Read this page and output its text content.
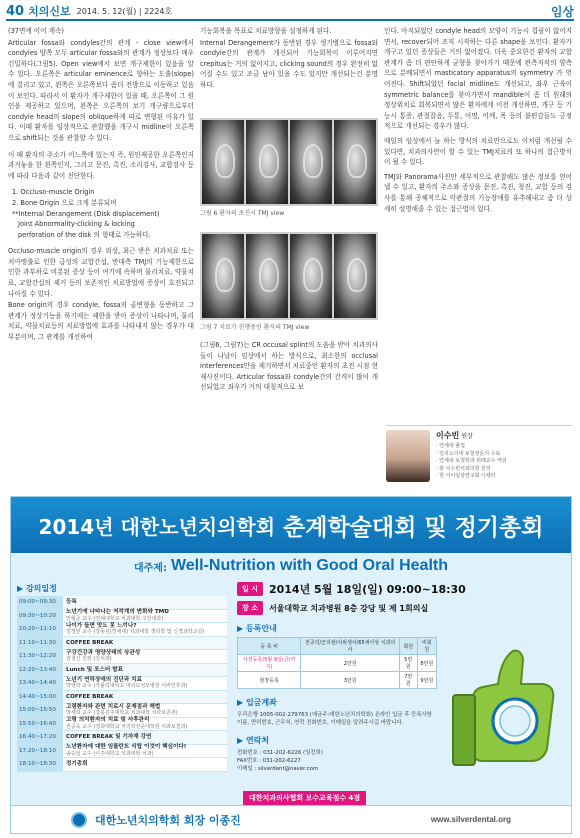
40 치의신보 2014. 5. 12(월) | 2224호	임상

(37면에 이어 계속)

Articular fossa와 condyles간의 관계 - close view에서 condyles 양쪽 모두 articular fossa와의 관계가 정상보다 매우 긴밀하다(그림5). Open view에서 보면 개구제한이 있음을 알 수 있다. 오른쪽은 articular eminence로 향하는 도출(slope)에 걸리고 있고, 왼쪽은 오른쪽보다 좀더 전방으로 이동하고 있음이 보인다. 따라서 이 환자가 개구제한이 있을 때, 오른쪽이 그 원인을 제공하고 있으며, 왼쪽은 오른쪽의 보기 개구량으로부터 condyle head의 slope의 oblique하게 따로 변형된 이유가 있다. 이때 환자를 임상적으로 관찰했을 개구시 midline이 오른쪽으로 shift되는 것을 관찰할 수 있다.

이 때 환자의 주소가 어느쪽에 있는지 즉, 원인제공한 오른쪽인지 과거놓을 한 왼쪽인지, 그리고 문진, 촉진, 소리검사, 교합검사 등에 따라 다음과 같이 진단한다.

1. Occluso-muscle Origin
2. Bone Origin 으로 크게 분류되며
**Internal Derangement (Disk displacement)
Joint Abnormality-clicking & locking
perforation of the disk 의 형태로 가능하다.

Occluso-muscle origin의 경우 외상, 최근 받은 치과치료 또는 치아맹출로 인한 급성의 교합간섭, 반대측 TMJ의 기능제한으로 인한 과부하로 비롯된 증상 등이 여기에 속하며 물리치료, 약물치료, 교합간섭의 제거 등의 보존적인 치료방법에 증상이 호전되고 나아질 수 있다.

Bone origin의 경우 condyle, fossa의 골변형을 동반하고 그 관계가 정상기능을 하기에는 제한을 받아 증상이 나타나며, 물리치료, 약물치료등의 치료방법에 효과를 나타내지 않는 경우가 대부분이며, 그 관계를 개선하여

기능회복을 목표로 치료방향을 설정하게 된다.

Internal Derangement가 동반된 경우 생기병으로 fossa와 condyle간의 관계가 개선되어 기능회복이 이루어지면 crepitus는 거의 없어지고, clicking sound의 경우 완전히 없어질 수도 있고 조금 남아 있을 수도 있지만 개선되는건 분명하다.

그림 6 환자의 초진시 TMJ view
그림 7 치료가 진행중인 환자의 TMJ view

(그림6, 그림7)는 CR occusal splint의 도움을 받아 치과의사들이 나날이 임상에서 하는 방식으로, 최소한의 occlusal interferences만을 제거하면서 치료중인 환자의 초진 시점 현재사진이다. Articular fossa와 condyle간의 간격이 많이 개선되었고 좌우가 거의 대칭적으로 보

인다. 아직되었던 condyle head의 모양이 기능시 겹림이 없어지면서, recover되어 조직 시작하는 다른 shape을 보인다. 환자가 개구고 있던 증상들은 거의 없어졌다. 더욱 중요한건 환자의 교합관계가 좀 더 편안하게 균형을 찾아가기 때문에 편측저작의 양측으로 분배되면서 masticatory apparatus의 symmetry 가 얻어진다. Shift되었던 facial midline도 개선되고, 좌우 근육이 symmetric balance를 찾아가면서 mandible이 좀 더 원래의 정상위치로 회복되면서 많은 환자에게 이전 개선하면, 개구 등 기능시 통증, 관절잡음, 두통, 이명, 어깨, 목 등의 불편감들도 긍정적으로 개선되는 경우가 많다.

매일의 임상에서 늘 하는 방식의 치료만으로도 이처럼 개선될 수 있다면, 치과의사만이 할 수 있는 TMJ치료의 또 하나의 접근방식이 될 수 있다.

TMJ와 Panorama사진만 세부적으로 관찰해도 많은 정보를 얻어낼 수 있고, 환자의 주소와 증상을 문진, 촉진, 청진, 교합 등의 검사를 통해 종체적으로 악관절의 기능장애를 유추해내고 좀 더 상세히 설명해줄 수 있는 접근법이 있다.

이수빈 원장
· 연세대 졸업
· 일리노이대 보철전문의 수료
· 연세대 보철학과 외래교수 역임
· 현 이수빈치과의원 원장
· 현 이이임상연구회 디렉터
2014년 대한노년치의학회 춘계학술대회 및 정기총회
대주제: Well-Nutrition with Good Oral Health
▶ 강의일정
09:00~09:30	등록
09:30~10:20
노년기에 나타나는 저작계의 변화와 TMD
안형준 교수 (연세대학교 치과대학 구강내과)
10:20~11:10
나이가 들면 맛도 못 느끼나?
김정민 교수 (강동원(연세대) 치과대학 생리학 및 신경과학교실)
11:10~11:30	COFFEE BREAK
11:30~12:20
구강건강과 영양상태의 상관성
김철신 원장 (진치과)
12:20~13:40	Lunch 및 포스터 발표
13:40~14:40
노년기 연하장애의 진단과 치료
박영학 교수 (가톨릭대학교 여의도성모병원 이비인후과)
14:40~15:00	COFFEE BREAK
15:00~15:50
고령환자와 관련 치료시 문제점과 해법
박세희 교수 (강릉원주대학교 치과대학 치과보존과)
15:50~16:40
고령 의치환자의 치료 및 사후관리
권공욱 교수 (경희대학교 치의학전문대학원 치과보철과)
16:40~17:20	COFFEE BREAK 및 기자재 강연
17:20~18:10
노년환자에 대한 임플란트 식립 이것이 핵심이다!
송승일 교수 (이주대학교 의과대학 치과)
18:10~18:30	정기총회
일 시	2014년 5월 18일(일) 09:00~18:30
장 소	서울대학교 치과병원 8층 강당 및 제 1회의실
▶ 등록안내
등 록 비	전공의/군의관/치위생사/65세이상 치과의사	회원	비회원
사전등록(5월 9일(금)까지)	2만원	5만원	8만원
현장등록	3만원	7만원	9만원
▶ 입금계좌
우리은행 1005-002-279763 (예금주:대한노년치의학회) 온라인 입금 후 등록사항 이름, 면허번호, 근무처, 연락 전화번호, 이메일을 알려주시길 바랍니다.
▶ 연락처
전화번호 : 031-202-6226 (임진희)
FAX번호 : 031-202-6227
이메일 : silverdent@naver.com
대한치과의사협회 보수교육점수 4점
대한노년치의학회 회장 이종진	www.silverdental.org
